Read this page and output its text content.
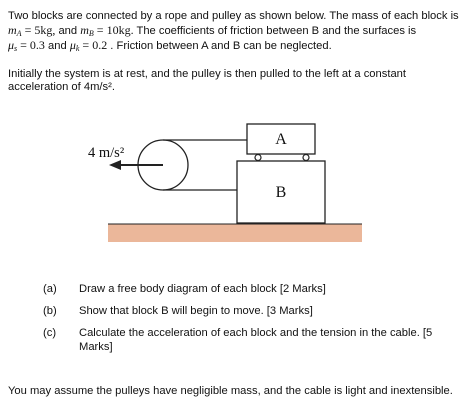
Two blocks are connected by a rope and pulley as shown below. The mass of each block is
$m_A = 5kg$, and $m_B = 10kg$. The coefficients of friction between B and the surfaces is
$\mu_s = 0.3$ and $\mu_k = 0.2$ . Friction between A and B can be neglected.
Initially the system is at rest, and the pulley is then pulled to the left at a constant
acceleration of 4m/s².
B
A
4 m/s²
(a) Draw a free body diagram of each block [2 Marks]
(b) Show that block B will begin to move. [3 Marks]
(c) Calculate the acceleration of each block and the tension in the cable. [5 Marks]
You may assume the pulleys have negligible mass, and the cable is light and inextensible.
